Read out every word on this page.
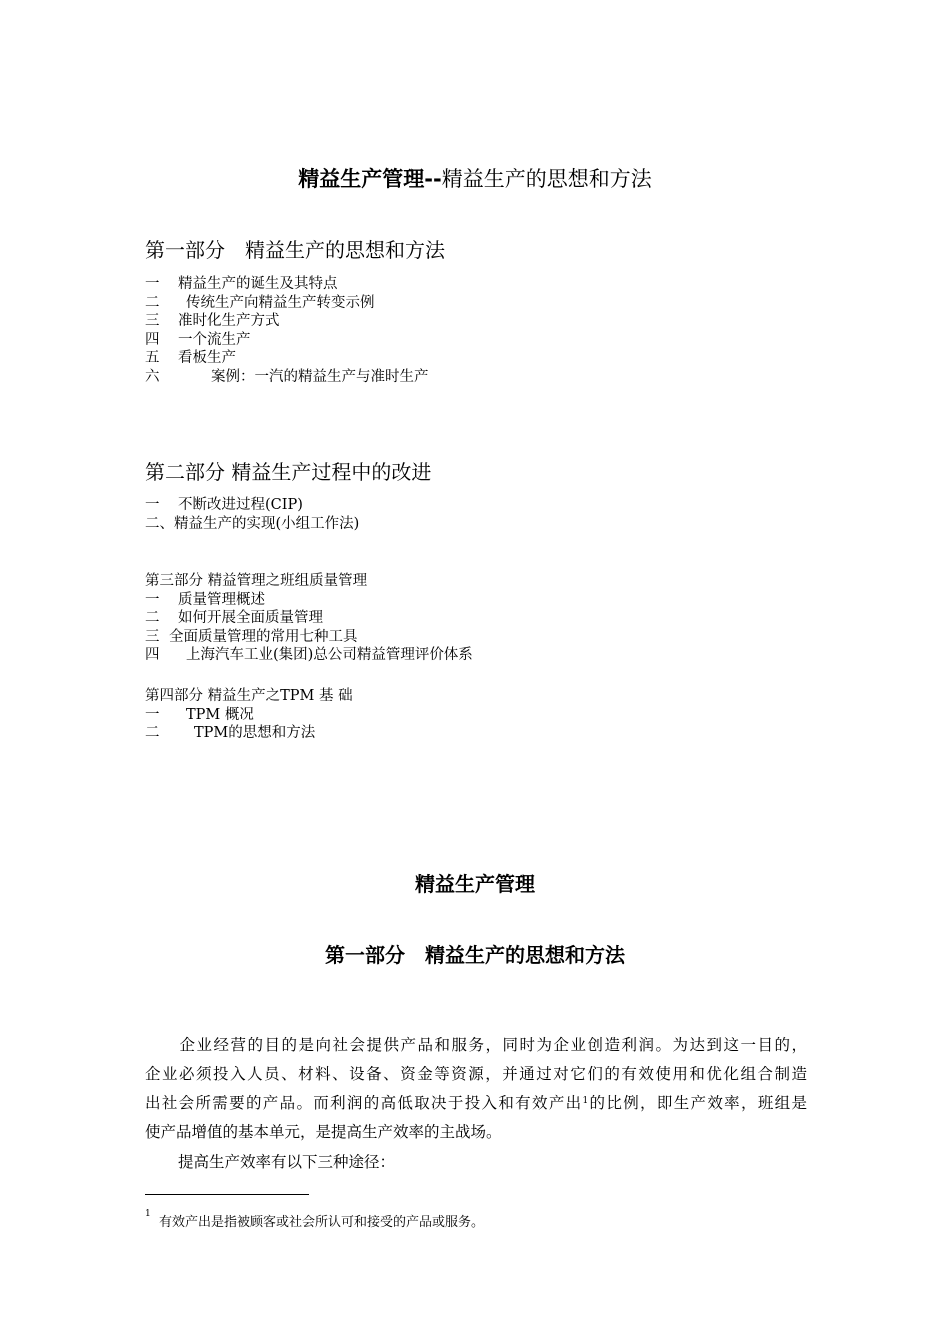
精益生产管理--精益生产的思想和方法
第一部分　精益生产的思想和方法
一 精益生产的诞生及其特点
二 传统生产向精益生产转变示例
三 准时化生产方式
四 一个流生产
五 看板生产
六	案例：一汽的精益生产与准时生产
第二部分 精益生产过程中的改进
一 不断改进过程(CIP)
二、精益生产的实现(小组工作法)
第三部分 精益管理之班组质量管理
一 质量管理概述
二 如何开展全面质量管理
三 全面质量管理的常用七种工具
四 上海汽车工业(集团)总公司精益管理评价体系
第四部分 精益生产之TPM 基 础
一 TPM 概况
二 TPM的思想和方法
精益生产管理
第一部分　精益生产的思想和方法
企业经营的目的是向社会提供产品和服务，同时为企业创造利润。为达到这一目的，
企业必须投入人员、材料、设备、资金等资源，并通过对它们的有效使用和优化组合制造
出社会所需要的产品。而利润的高低取决于投入和有效产出$^1$的比例，即生产效率，班组是
使产品增值的基本单元，是提高生产效率的主战场。
提高生产效率有以下三种途径：
$^1$  有效产出是指被顾客或社会所认可和接受的产品或服务。
